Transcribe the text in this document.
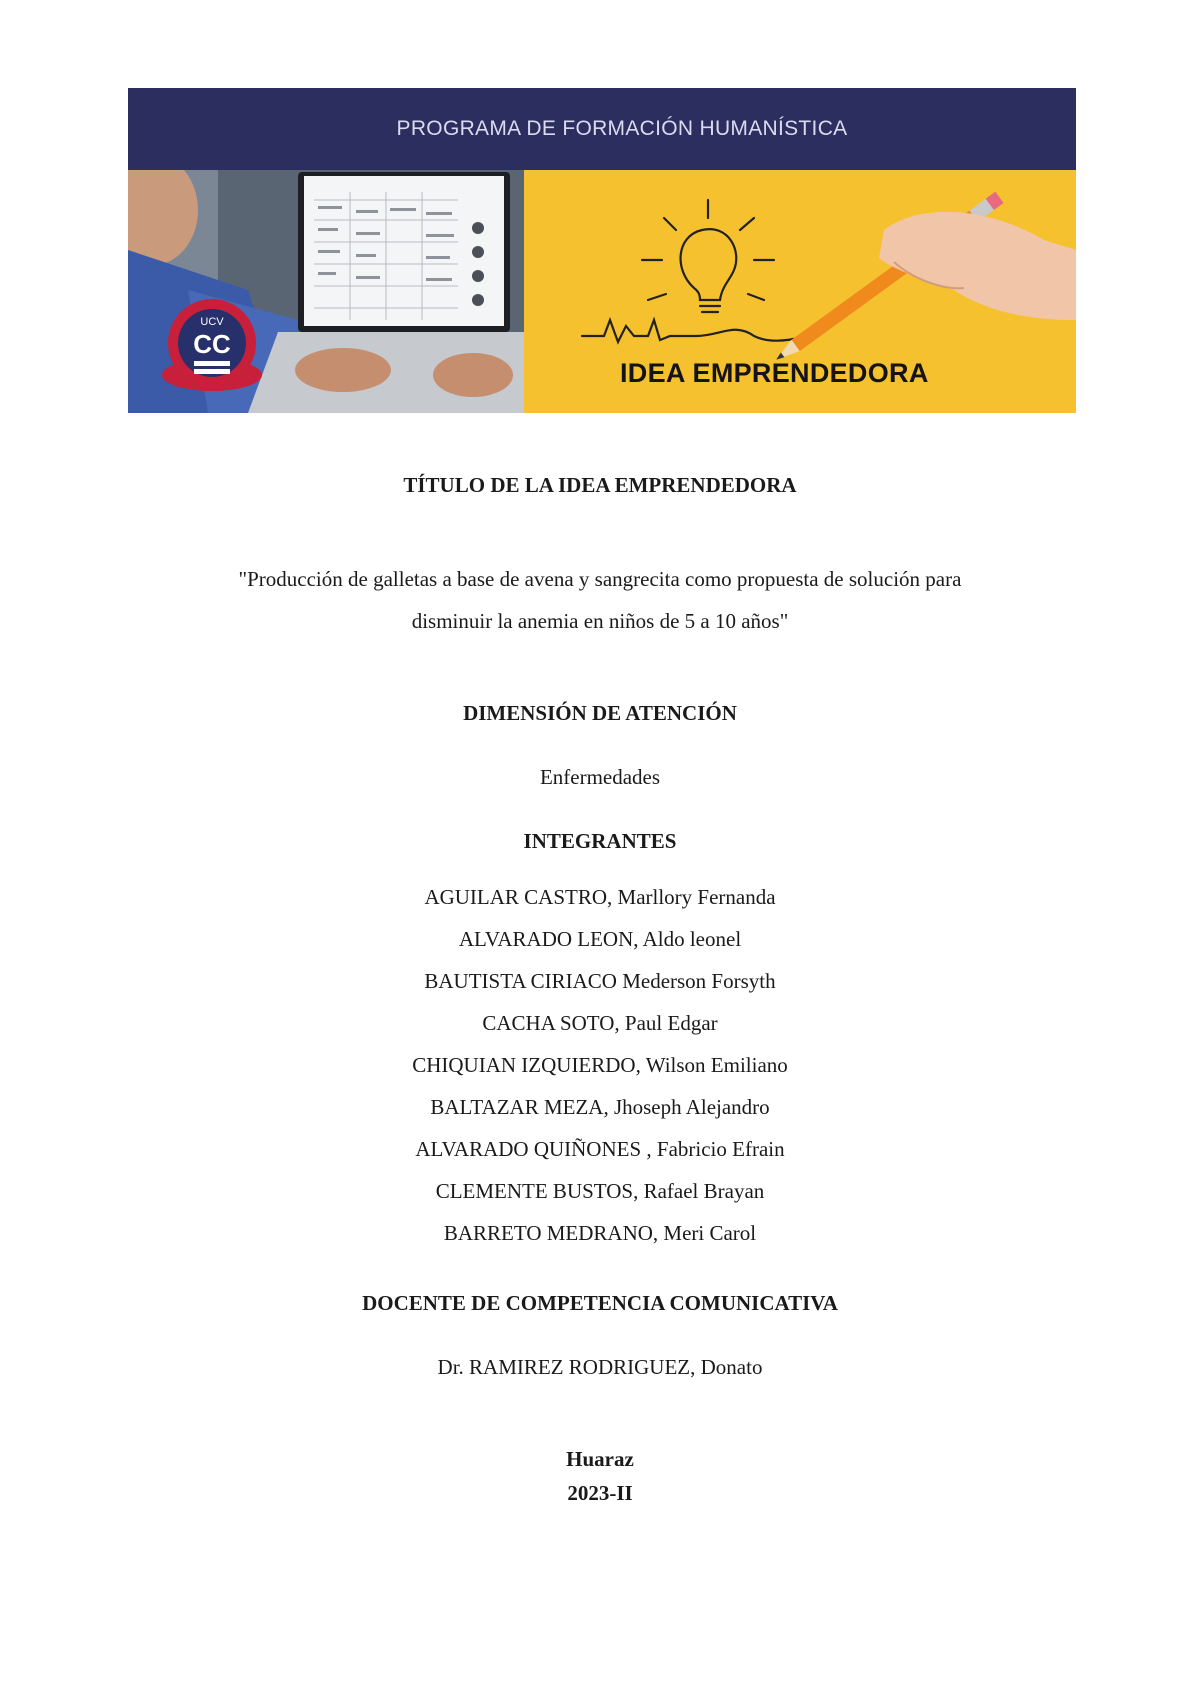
PROGRAMA DE FORMACIÓN HUMANÍSTICA
UCV
CC
IDEA EMPRENDEDORA
TÍTULO DE LA IDEA EMPRENDEDORA
"Producción de galletas a base de avena y sangrecita como propuesta de solución para
disminuir la anemia en niños de 5 a 10 años"
DIMENSIÓN DE ATENCIÓN
Enfermedades
INTEGRANTES
AGUILAR CASTRO, Marllory Fernanda
ALVARADO LEON, Aldo leonel
BAUTISTA CIRIACO Mederson Forsyth
CACHA SOTO, Paul Edgar
CHIQUIAN IZQUIERDO, Wilson Emiliano
BALTAZAR MEZA, Jhoseph Alejandro
ALVARADO QUIÑONES , Fabricio Efrain
CLEMENTE BUSTOS, Rafael Brayan
BARRETO MEDRANO, Meri Carol
DOCENTE DE COMPETENCIA COMUNICATIVA
Dr. RAMIREZ RODRIGUEZ, Donato
Huaraz
2023-II
